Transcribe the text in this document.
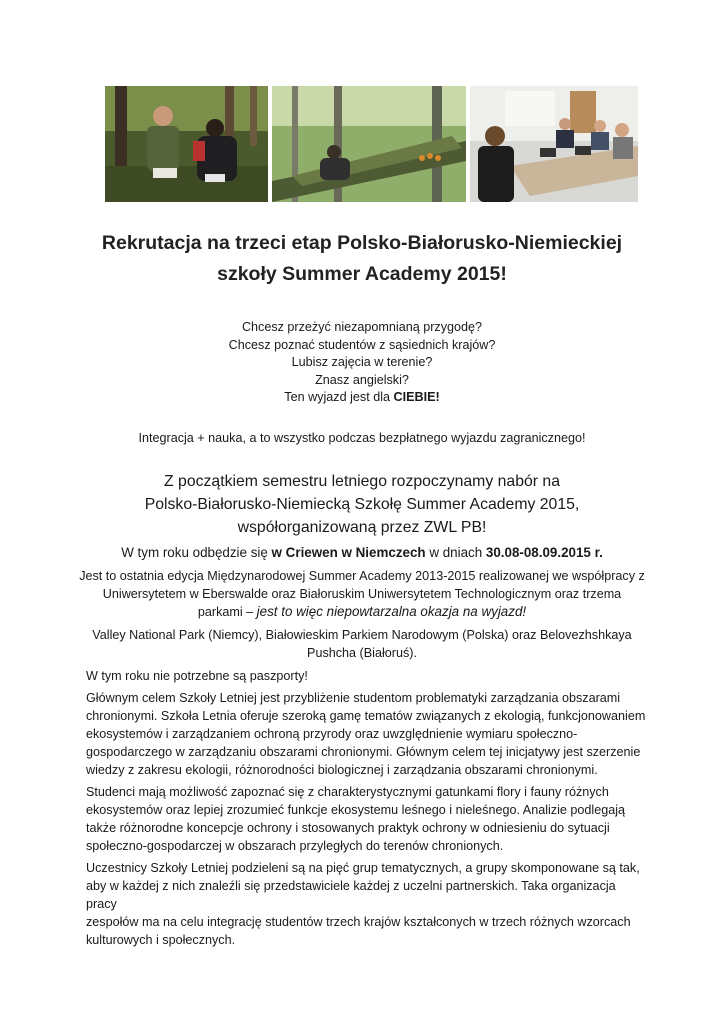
Rekrutacja na trzeci etap Polsko-Białorusko-Niemieckiej
szkoły Summer Academy 2015!

Chcesz przeżyć niezapomnianą przygodę?
Chcesz poznać studentów z sąsiednich krajów?
Lubisz zajęcia w terenie?
Znasz angielski?
Ten wyjazd jest dla CIEBIE!

Integracja + nauka, a to wszystko podczas bezpłatnego wyjazdu zagranicznego!

Z początkiem semestru letniego rozpoczynamy nabór na
Polsko-Białorusko-Niemiecką Szkołę Summer Academy 2015,
współorganizowaną przez ZWL PB!

W tym roku odbędzie się w Criewen w Niemczech w dniach 30.08-08.09.2015 r.

Jest to ostatnia edycja Międzynarodowej Summer Academy 2013-2015 realizowanej we współpracy z
Uniwersytetem w Eberswalde oraz Białoruskim Uniwersytetem Technologicznym oraz trzema
parkami – jest to więc niepowtarzalna okazja na wyjazd!

Valley National Park (Niemcy), Białowieskim Parkiem Narodowym (Polska) oraz Belovezhshkaya
Pushcha (Białoruś).

W tym roku nie potrzebne są paszporty!

Głównym celem Szkoły Letniej jest przybliżenie studentom problematyki zarządzania obszarami
chronionymi. Szkoła Letnia oferuje szeroką gamę tematów związanych z ekologią, funkcjonowaniem
ekosystemów i zarządzaniem ochroną przyrody oraz uwzględnienie wymiaru społeczno-
gospodarczego w zarządzaniu obszarami chronionymi. Głównym celem tej inicjatywy jest szerzenie
wiedzy z zakresu ekologii, różnorodności biologicznej i zarządzania obszarami chronionymi.

Studenci mają możliwość zapoznać się z charakterystycznymi gatunkami flory i fauny różnych
ekosystemów oraz lepiej zrozumieć funkcje ekosystemu leśnego i nieleśnego. Analizie podlegają
także różnorodne koncepcje ochrony i stosowanych praktyk ochrony w odniesieniu do sytuacji
społeczno-gospodarczej w obszarach przyległych do terenów chronionych.

Uczestnicy Szkoły Letniej podzieleni są na pięć grup tematycznych, a grupy skomponowane są tak,
aby w każdej z nich znaleźli się przedstawiciele każdej z uczelni partnerskich. Taka organizacja pracy
zespołów ma na celu integrację studentów trzech krajów kształconych w trzech różnych wzorcach
kulturowych i społecznych.
